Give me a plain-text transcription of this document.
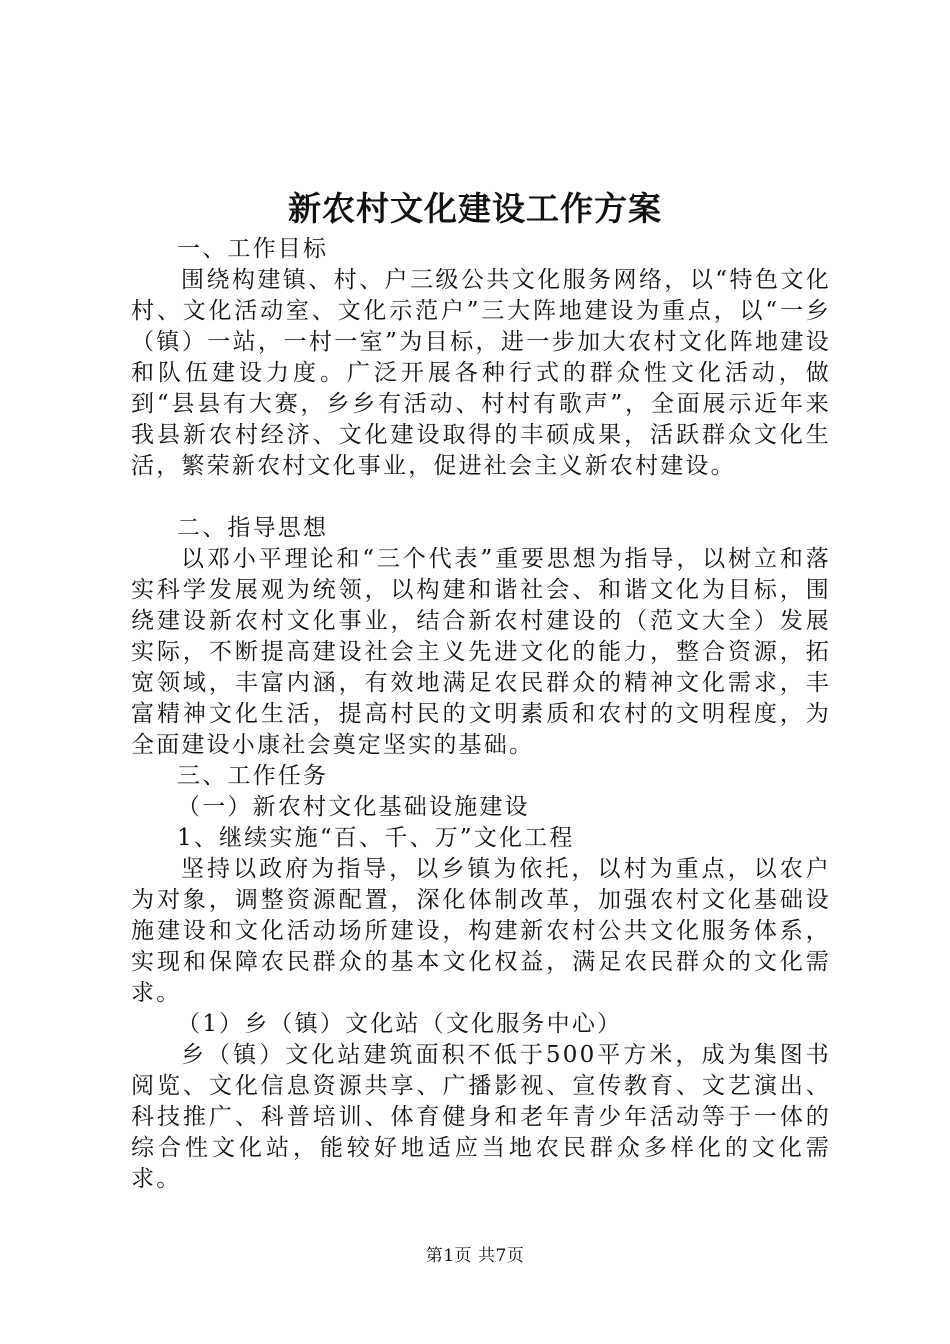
新农村文化建设工作方案

一、工作目标

围绕构建镇、村、户三级公共文化服务网络，以“特色文化村、文化活动室、文化示范户”三大阵地建设为重点，以“一乡（镇）一站，一村一室”为目标，进一步加大农村文化阵地建设和队伍建设力度。广泛开展各种行式的群众性文化活动，做到“县县有大赛，乡乡有活动、村村有歌声”，全面展示近年来我县新农村经济、文化建设取得的丰硕成果，活跃群众文化生活，繁荣新农村文化事业，促进社会主义新农村建设。

二、指导思想

以邓小平理论和“三个代表”重要思想为指导，以树立和落实科学发展观为统领，以构建和谐社会、和谐文化为目标，围绕建设新农村文化事业，结合新农村建设的（范文大全）发展实际，不断提高建设社会主义先进文化的能力，整合资源，拓宽领域，丰富内涵，有效地满足农民群众的精神文化需求，丰富精神文化生活，提高村民的文明素质和农村的文明程度，为全面建设小康社会奠定坚实的基础。

三、工作任务

（一）新农村文化基础设施建设

1、继续实施“百、千、万”文化工程

坚持以政府为指导，以乡镇为依托，以村为重点，以农户为对象，调整资源配置，深化体制改革，加强农村文化基础设施建设和文化活动场所建设，构建新农村公共文化服务体系，实现和保障农民群众的基本文化权益，满足农民群众的文化需求。

（1）乡（镇）文化站（文化服务中心）

乡（镇）文化站建筑面积不低于500平方米，成为集图书阅览、文化信息资源共享、广播影视、宣传教育、文艺演出、科技推广、科普培训、体育健身和老年青少年活动等于一体的综合性文化站，能较好地适应当地农民群众多样化的文化需求。

第1页 共7页
